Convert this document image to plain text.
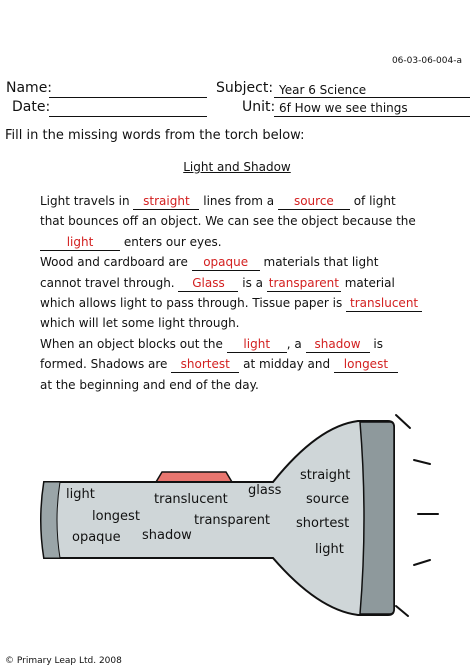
06-03-06-004-a
Name:
Date:
Subject: Year 6 Science
Unit: 6f How we see things
Fill in the missing words from the torch below:
Light and Shadow
Light travels in straight lines from a source of light
that bounces off an object. We can see the object because the
light	enters our eyes.
Wood and cardboard are opaque materials that light
cannot travel through. Glass is a transparent material
which allows light to pass through. Tissue paper is translucent
which will let some light through.
When an object blocks out the light , a shadow is
formed. Shadows are shortest at midday and longest
at the beginning and end of the day.
light	translucent
glass
longest	transparent
opaque shadow
straight
source
shortest
light
© Primary Leap Ltd. 2008
